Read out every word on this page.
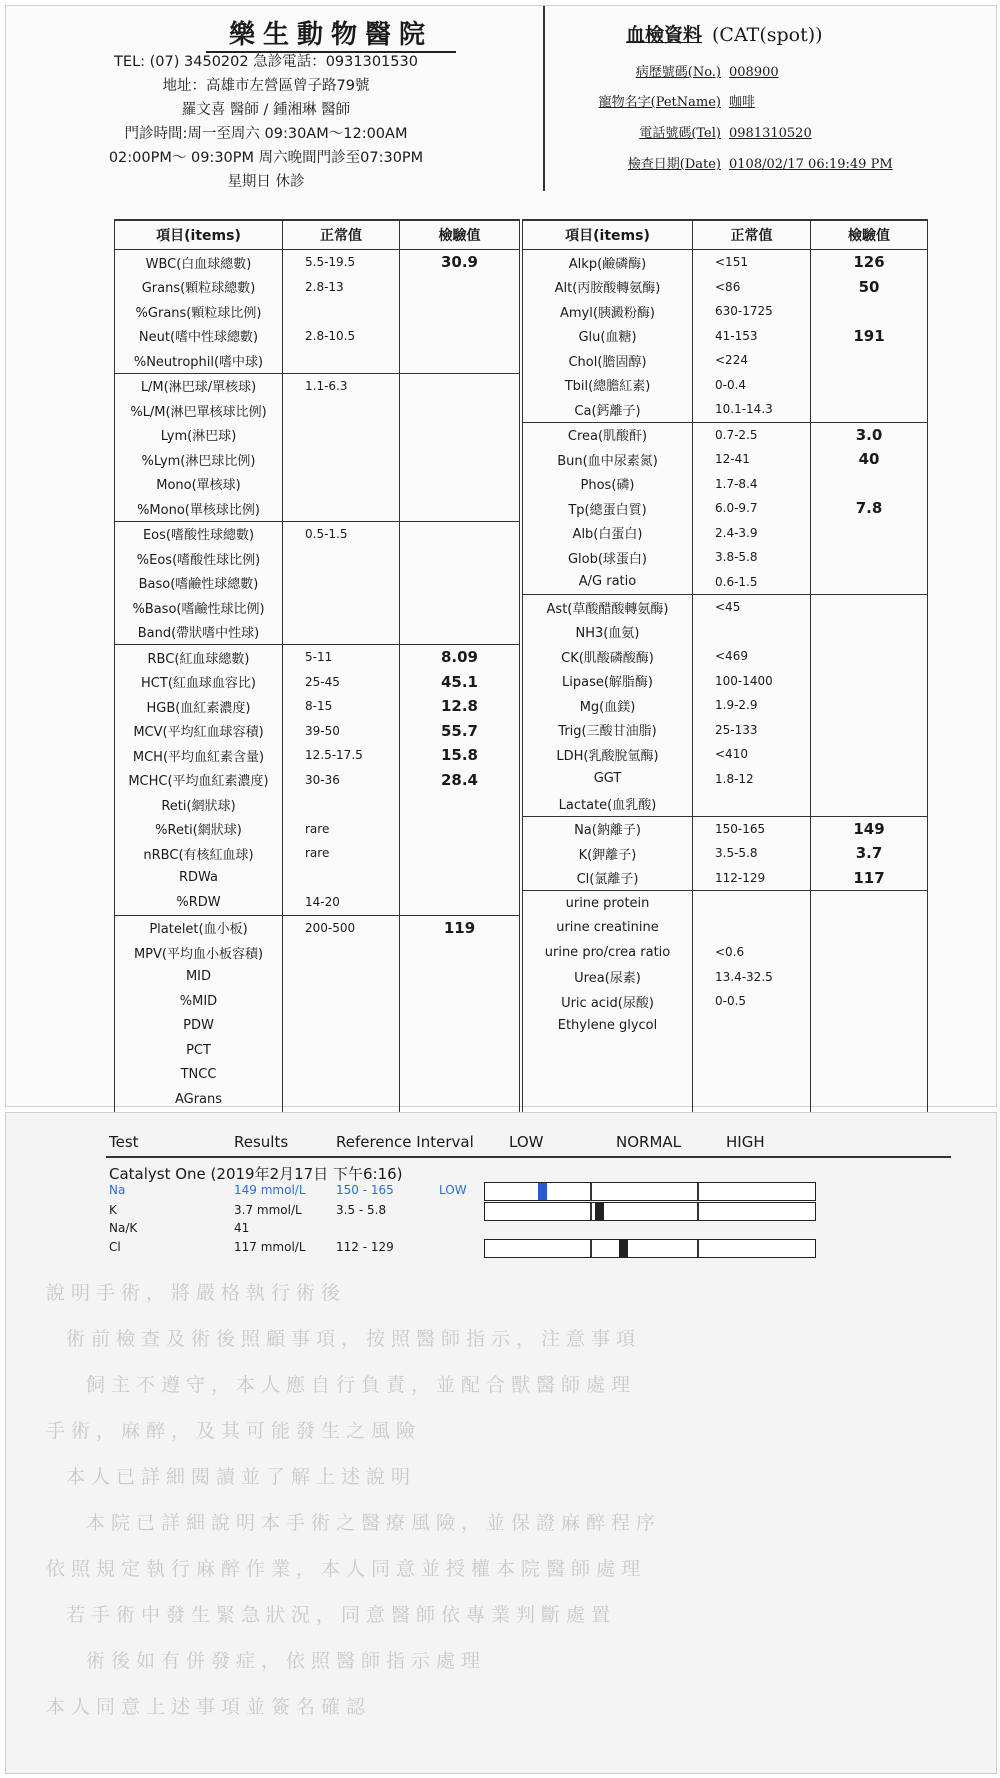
樂生動物醫院
TEL: (07) 3450202 急診電話：0931301530
地址：高雄市左營區曾子路79號
羅文喜 醫師 / 鍾湘琳 醫師
門診時間:周一至周六 09:30AM～12:00AM
02:00PM～ 09:30PM 周六晚間門診至07:30PM
星期日 休診
血檢資料 (CAT(spot))
病歷號碼(No.) 008900
寵物名字(PetName) 咖啡
電話號碼(Tel) 0981310520
檢查日期(Date) 0108/02/17 06:19:49 PM
項目(items)	正常值	檢驗值
WBC(白血球總數)	5.5-19.5	30.9
Grans(顆粒球總數)	2.8-13	
%Grans(顆粒球比例)		
Neut(嗜中性球總數)	2.8-10.5	
%Neutrophil(嗜中球)		
L/M(淋巴球/單核球)	1.1-6.3	
%L/M(淋巴單核球比例)		
Lym(淋巴球)		
%Lym(淋巴球比例)		
Mono(單核球)		
%Mono(單核球比例)		
Eos(嗜酸性球總數)	0.5-1.5	
%Eos(嗜酸性球比例)		
Baso(嗜鹼性球總數)		
%Baso(嗜鹼性球比例)		
Band(帶狀嗜中性球)		
RBC(紅血球總數)	5-11	8.09
HCT(紅血球血容比)	25-45	45.1
HGB(血紅素濃度)	8-15	12.8
MCV(平均紅血球容積)	39-50	55.7
MCH(平均血紅素含量)	12.5-17.5	15.8
MCHC(平均血紅素濃度)	30-36	28.4
Reti(網狀球)		
%Reti(網狀球)	rare	
nRBC(有核紅血球)	rare	
RDWa		
%RDW	14-20	
Platelet(血小板)	200-500	119
MPV(平均血小板容積)		
MID		
%MID		
PDW		
PCT		
TNCC		
AGrans		

項目(items)	正常值	檢驗值
Alkp(鹼磷酶)	<151	126
Alt(丙胺酸轉氨酶)	<86	50
Amyl(胰澱粉酶)	630-1725	
Glu(血糖)	41-153	191
Chol(膽固醇)	<224	
Tbil(總膽紅素)	0-0.4	
Ca(鈣離子)	10.1-14.3	
Crea(肌酸酐)	0.7-2.5	3.0
Bun(血中尿素氮)	12-41	40
Phos(磷)	1.7-8.4	
Tp(總蛋白質)	6.0-9.7	7.8
Alb(白蛋白)	2.4-3.9	
Glob(球蛋白)	3.8-5.8	
A/G ratio	0.6-1.5	
Ast(草酸醋酸轉氨酶)	<45	
NH3(血氨)		
CK(肌酸磷酸酶)	<469	
Lipase(解脂酶)	100-1400	
Mg(血鎂)	1.9-2.9	
Trig(三酸甘油脂)	25-133	
LDH(乳酸脫氫酶)	<410	
GGT	1.8-12	
Lactate(血乳酸)		
Na(鈉離子)	150-165	149
K(鉀離子)	3.5-5.8	3.7
Cl(氯離子)	112-129	117
urine protein		
urine creatinine		
urine pro/crea ratio	<0.6	
Urea(尿素)	13.4-32.5	
Uric acid(尿酸)	0-0.5	
Ethylene glycol		

說明手術，將嚴格執行術後
術前檢查及術後照顧事項，按照醫師指示，注意事項
飼主不遵守，本人應自行負責，並配合獸醫師處理
手術，麻醉，及其可能發生之風險
本人已詳細閱讀並了解上述說明
本院已詳細說明本手術之醫療風險，並保證麻醉程序
依照規定執行麻醉作業，本人同意並授權本院醫師處理
若手術中發生緊急狀況，同意醫師依專業判斷處置
術後如有併發症，依照醫師指示處理
本人同意上述事項並簽名確認
Test	Results	Reference Interval LOW	NORMAL	HIGH
Catalyst One (2019年2月17日 下午6:16)
Na	149 mmol/L	150 - 165	LOW
K	3.7 mmol/L	3.5 - 5.8
Na/K	41
Cl	117 mmol/L	112 - 129
